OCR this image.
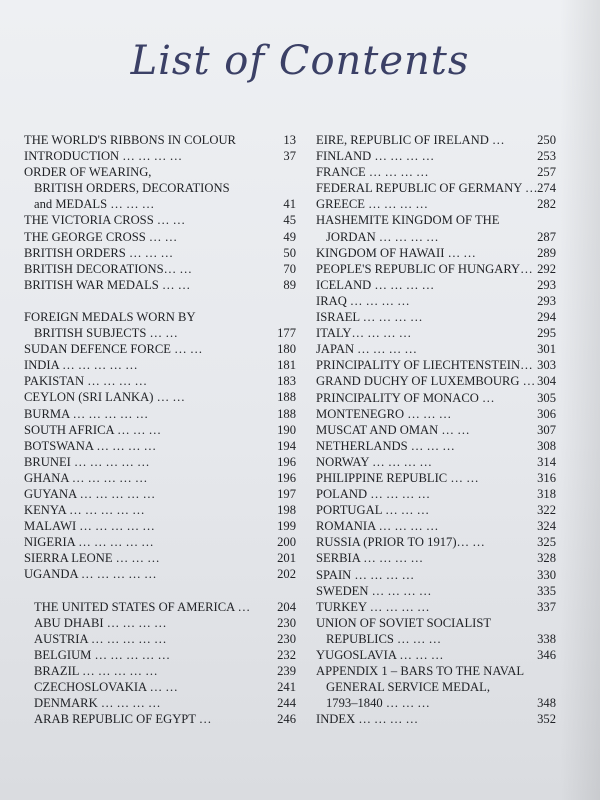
List of Contents
THE WORLD'S RIBBONS IN COLOUR	13
INTRODUCTION … … … …	37
ORDER OF WEARING,
BRITISH ORDERS, DECORATIONS
and MEDALS … … …	41
THE VICTORIA CROSS … …	45
THE GEORGE CROSS … …	49
BRITISH ORDERS … … …	50
BRITISH DECORATIONS… …	70
BRITISH WAR MEDALS … …	89
FOREIGN MEDALS WORN BY
BRITISH SUBJECTS … …	177
SUDAN DEFENCE FORCE … …	180
INDIA … … … … …	181
PAKISTAN … … … …	183
CEYLON (SRI LANKA) … …	188
BURMA … … … … …	188
SOUTH AFRICA … … …	190
BOTSWANA … … … …	194
BRUNEI … … … … …	196
GHANA … … … … …	196
GUYANA … … … … …	197
KENYA … … … … …	198
MALAWI … … … … …	199
NIGERIA … … … … …	200
SIERRA LEONE … … …	201
UGANDA … … … … …	202
THE UNITED STATES OF AMERICA …	204
ABU DHABI … … … …	230
AUSTRIA … … … … …	230
BELGIUM … … … … …	232
BRAZIL … … … … …	239
CZECHOSLOVAKIA … …	241
DENMARK … … … …	244
ARAB REPUBLIC OF EGYPT …	246
EIRE, REPUBLIC OF IRELAND …	250
FINLAND … … … …	253
FRANCE … … … …	257
FEDERAL REPUBLIC OF GERMANY … 274
GREECE … … … …	282
HASHEMITE KINGDOM OF THE
JORDAN … … … …	287
KINGDOM OF HAWAII … …	289
PEOPLE'S REPUBLIC OF HUNGARY… 292
ICELAND … … … …	293
IRAQ … … … …	293
ISRAEL … … … …	294
ITALY… … … …	295
JAPAN … … … …	301
PRINCIPALITY OF LIECHTENSTEIN… 303
GRAND DUCHY OF LUXEMBOURG … 304
PRINCIPALITY OF MONACO …	305
MONTENEGRO … … …	306
MUSCAT AND OMAN … …	307
NETHERLANDS … … …	308
NORWAY … … … …	314
PHILIPPINE REPUBLIC … …	316
POLAND … … … …	318
PORTUGAL … … …	322
ROMANIA … … … …	324
RUSSIA (PRIOR TO 1917)… …	325
SERBIA … … … …	328
SPAIN … … … …	330
SWEDEN … … … …	335
TURKEY … … … …	337
UNION OF SOVIET SOCIALIST
REPUBLICS … … …	338
YUGOSLAVIA … … …	346
APPENDIX 1 – BARS TO THE NAVAL
GENERAL SERVICE MEDAL,
1793–1840 … … …	348
INDEX … … … …	352
